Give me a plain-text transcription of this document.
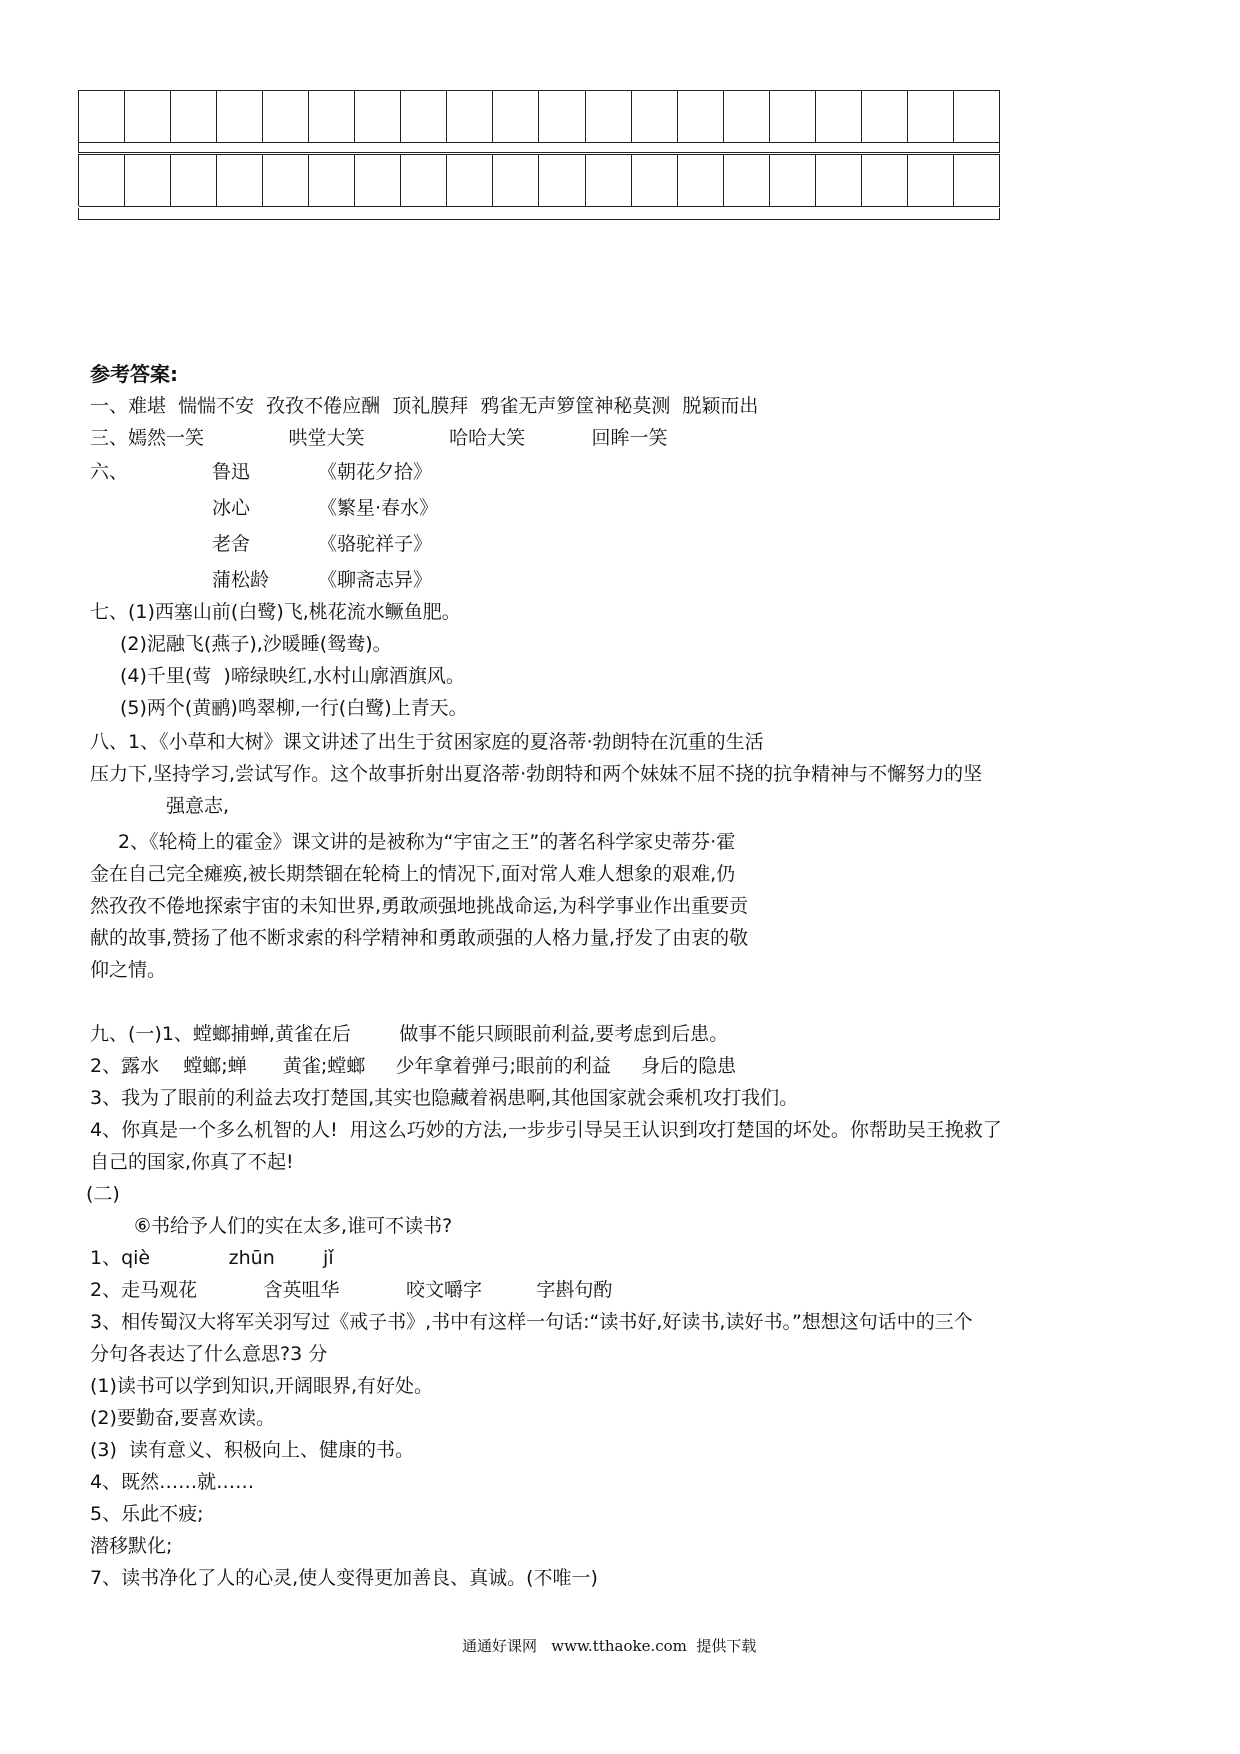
参考答案:
一、难堪  惴惴不安  孜孜不倦应酬  顶礼膜拜  鸦雀无声箩筐神秘莫测  脱颖而出
三、嫣然一笑              哄堂大笑              哈哈大笑           回眸一笑
六、	鲁迅	《朝花夕拾》
冰心	《繁星·春水》
老舍	《骆驼祥子》
蒲松龄	《聊斋志异》
七、(1)西塞山前(白鹭)飞,桃花流水鳜鱼肥。
(2)泥融飞(燕子),沙暖睡(鸳鸯)。
(4)千里(莺  )啼绿映红,水村山廓酒旗风。
(5)两个(黄鹂)鸣翠柳,一行(白鹭)上青天。
八、1、《小草和大树》课文讲述了出生于贫困家庭的夏洛蒂·勃朗特在沉重的生活
压力下,坚持学习,尝试写作。这个故事折射出夏洛蒂·勃朗特和两个妹妹不屈不挠的抗争精神与不懈努力的坚
强意志,
2、《轮椅上的霍金》课文讲的是被称为“宇宙之王”的著名科学家史蒂芬·霍
金在自己完全瘫痪,被长期禁锢在轮椅上的情况下,面对常人难人想象的艰难,仍
然孜孜不倦地探索宇宙的未知世界,勇敢顽强地挑战命运,为科学事业作出重要贡
献的故事,赞扬了他不断求索的科学精神和勇敢顽强的人格力量,抒发了由衷的敬
仰之情。
九、(一)1、螳螂捕蝉,黄雀在后        做事不能只顾眼前利益,要考虑到后患。
2、露水    螳螂;蝉      黄雀;螳螂     少年拿着弹弓;眼前的利益     身后的隐患
3、我为了眼前的利益去攻打楚国,其实也隐藏着祸患啊,其他国家就会乘机攻打我们。
4、你真是一个多么机智的人!  用这么巧妙的方法,一步步引导吴王认识到攻打楚国的坏处。你帮助吴王挽救了
自己的国家,你真了不起!
(二)
⑥书给予人们的实在太多,谁可不读书?
1、qiè             zhūn        jǐ
2、走马观花           含英咀华           咬文嚼字         字斟句酌
3、相传蜀汉大将军关羽写过《戒子书》,书中有这样一句话:“读书好,好读书,读好书。”想想这句话中的三个
分句各表达了什么意思?3 分
(1)读书可以学到知识,开阔眼界,有好处。
(2)要勤奋,要喜欢读。
(3)  读有意义、积极向上、健康的书。
4、既然……就……
5、乐此不疲;
潜移默化;
7、读书净化了人的心灵,使人变得更加善良、真诚。(不唯一)
通通好课网   www.tthaoke.com  提供下载
